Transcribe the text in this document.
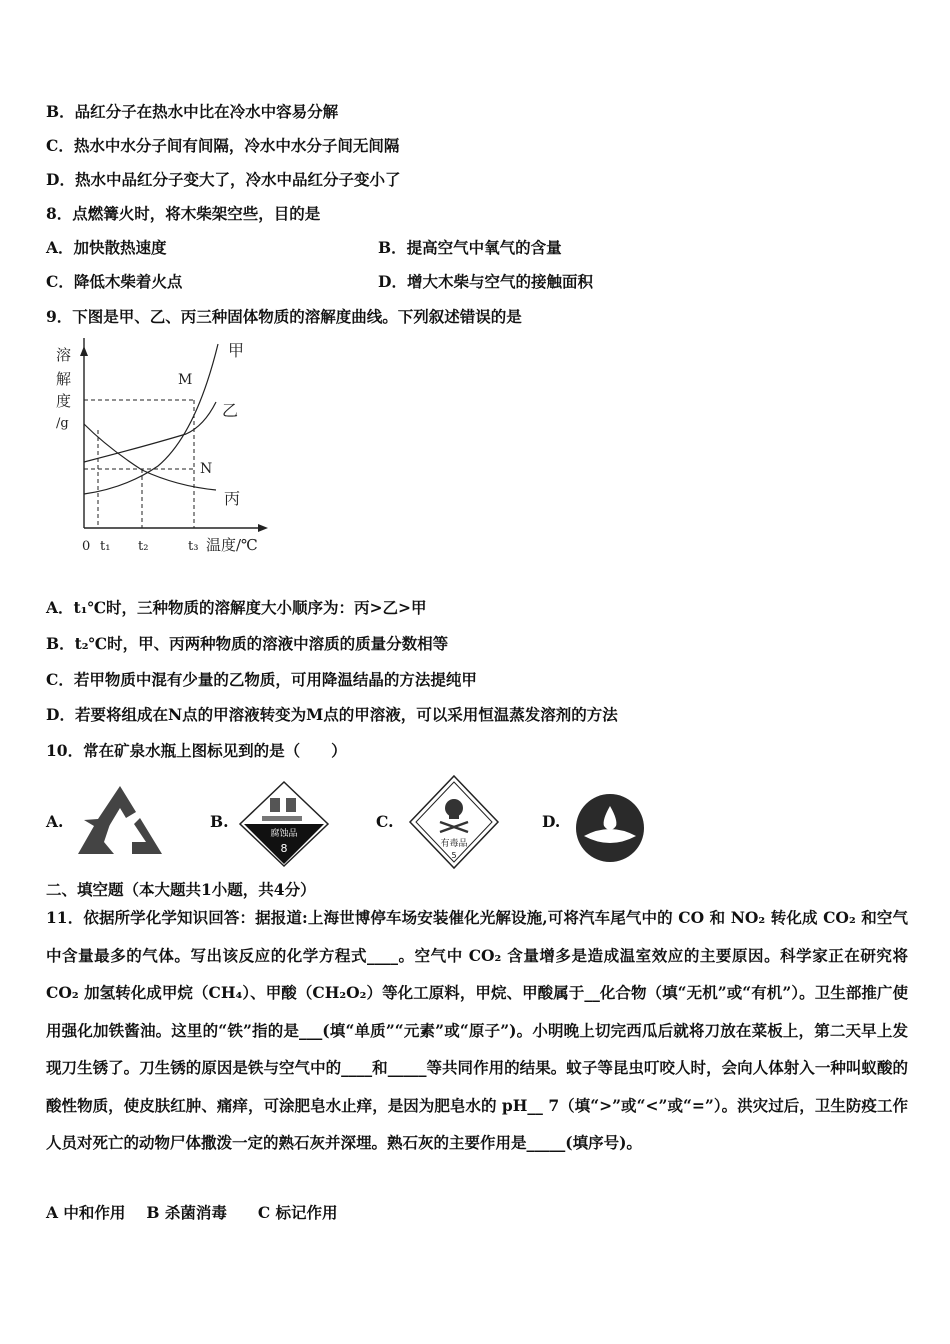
B．品红分子在热水中比在冷水中容易分解
C．热水中水分子间有间隔，冷水中水分子间无间隔
D．热水中品红分子变大了，冷水中品红分子变小了
8．点燃篝火时，将木柴架空些，目的是
A．加快散热速度	B．提高空气中氧气的含量
C．降低木柴着火点	D．增大木柴与空气的接触面积
9．下图是甲、乙、丙三种固体物质的溶解度曲线。下列叙述错误的是
溶
解
度
/g
M
N
甲
乙
丙
0 t₁ t₂	t₃ 温度/℃
A．t₁℃时，三种物质的溶解度大小顺序为：丙>乙>甲
B．t₂℃时，甲、丙两种物质的溶液中溶质的质量分数相等
C．若甲物质中混有少量的乙物质，可用降温结晶的方法提纯甲
D．若要将组成在N点的甲溶液转变为M点的甲溶液，可以采用恒温蒸发溶剂的方法
10．常在矿泉水瓶上图标见到的是（　　）
A.	B.
腐蚀品
8
C.
有毒品
5
D.
二、填空题（本大题共1小题，共4分）
11．依据所学化学知识回答：据报道:上海世博停车场安装催化光解设施,可将汽车尾气中的 CO 和 NO₂ 转化成 CO₂ 和空气中含量最多的气体。写出该反应的化学方程式____。空气中 CO₂ 含量增多是造成温室效应的主要原因。科学家正在研究将 CO₂ 加氢转化成甲烷（CH₄）、甲酸（CH₂O₂）等化工原料，甲烷、甲酸属于__化合物（填“无机”或“有机”）。卫生部推广使用强化加铁酱油。这里的“铁”指的是___(填“单质”“元素”或“原子”)。小明晚上切完西瓜后就将刀放在菜板上，第二天早上发现刀生锈了。刀生锈的原因是铁与空气中的____和_____等共同作用的结果。蚊子等昆虫叮咬人时，会向人体射入一种叫蚁酸的酸性物质，使皮肤红肿、痛痒，可涂肥皂水止痒，是因为肥皂水的 pH__ 7（填“>”或“<”或“=”）。洪灾过后，卫生防疫工作人员对死亡的动物尸体撒泼一定的熟石灰并深埋。熟石灰的主要作用是_____(填序号)。
A 中和作用　 B 杀菌消毒　　C 标记作用
